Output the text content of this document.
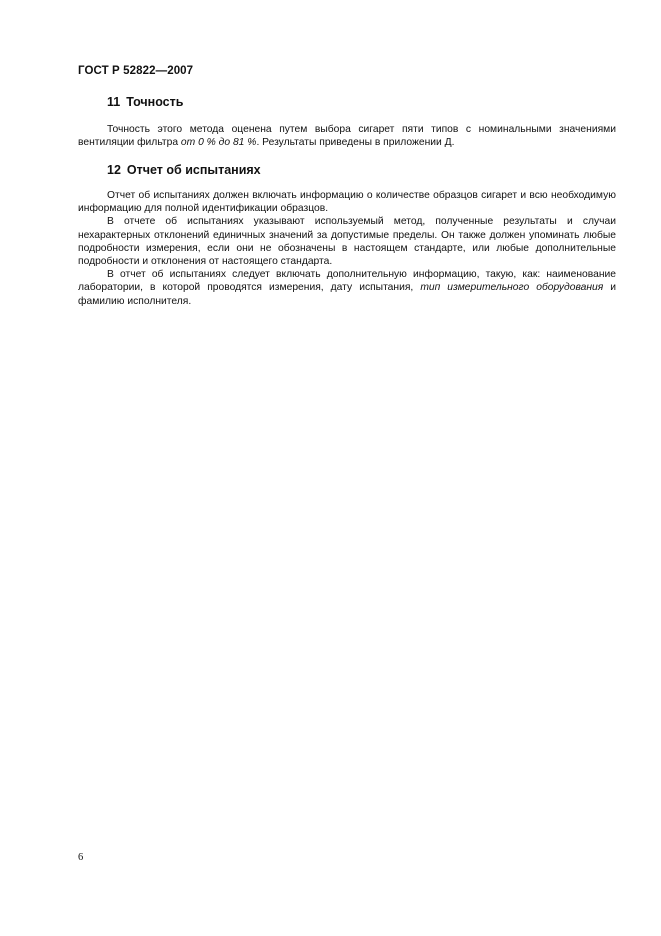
ГОСТ Р 52822—2007
11 Точность

Точность этого метода оценена путем выбора сигарет пяти типов с номинальными значениями вентиляции фильтра от 0 % до 81 %. Результаты приведены в приложении Д.

12 Отчет об испытаниях

Отчет об испытаниях должен включать информацию о количестве образцов сигарет и всю необходимую информацию для полной идентификации образцов.

В отчете об испытаниях указывают используемый метод, полученные результаты и случаи нехарактерных отклонений единичных значений за допустимые пределы. Он также должен упоминать любые подробности измерения, если они не обозначены в настоящем стандарте, или любые дополнительные подробности и отклонения от настоящего стандарта.

В отчет об испытаниях следует включать дополнительную информацию, такую, как: наименование лаборатории, в которой проводятся измерения, дату испытания, тип измерительного оборудования и фамилию исполнителя.

6
